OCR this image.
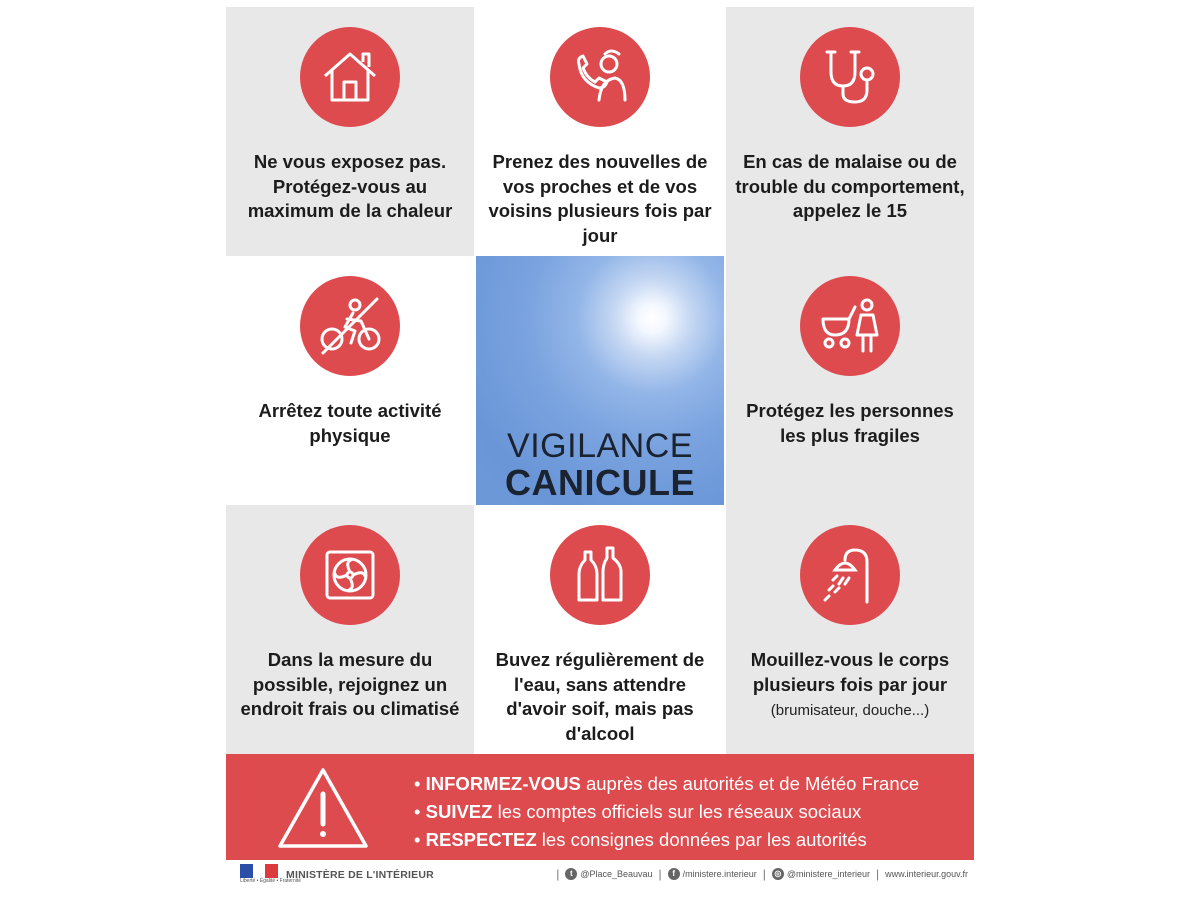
Ne vous exposez pas. Protégez-vous au maximum de la chaleur
Prenez des nouvelles de vos proches et de vos voisins plusieurs fois par jour
En cas de malaise ou de trouble du comportement, appelez le 15
Arrêtez toute activité physique	VIGILANCE
CANICULE
Protégez les personnes les plus fragiles
Dans la mesure du possible, rejoignez un endroit frais ou climatisé
Buvez régulièrement de l'eau, sans attendre d'avoir soif, mais pas d'alcool
Mouillez-vous le corps plusieurs fois par jour
(brumisateur, douche...)
• INFORMEZ-VOUS auprès des autorités et de Météo France
• SUIVEZ les comptes officiels sur les réseaux sociaux
• RESPECTEZ les consignes données par les autorités
Liberté • Égalité • Fraternité
MINISTÈRE DE L'INTÉRIEUR	|	t @Place_Beauvau |	f /ministere.interieur |	◎ @ministere_interieur | www.interieur.gouv.fr
